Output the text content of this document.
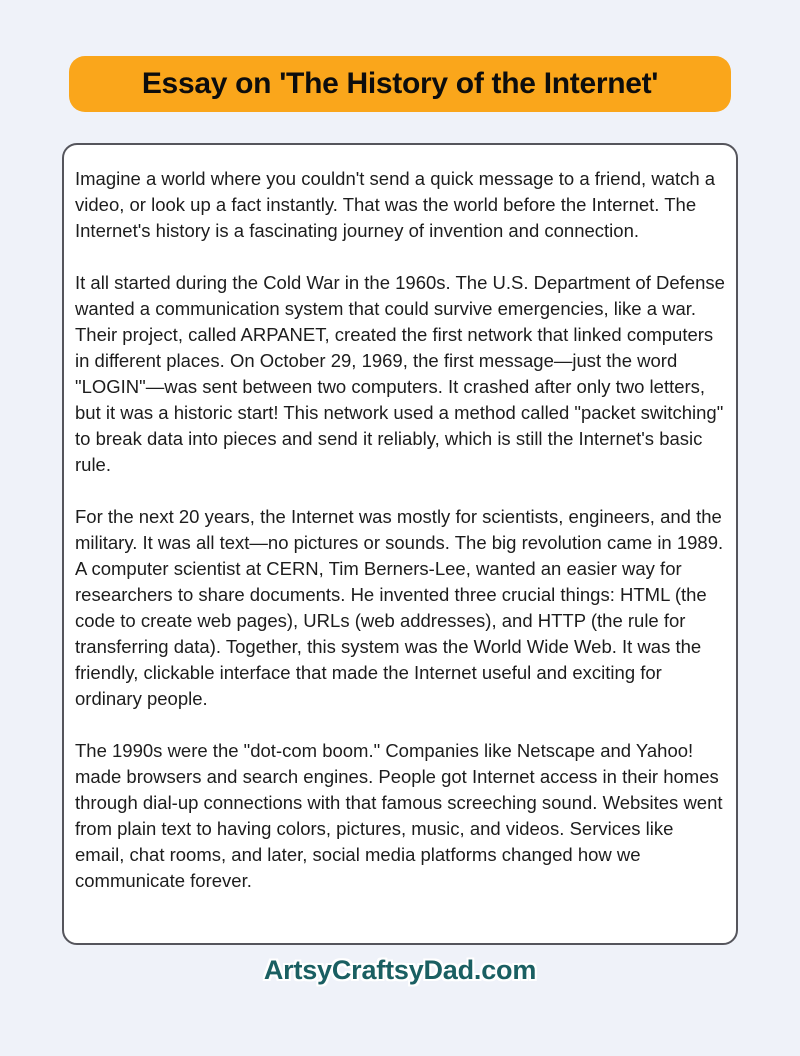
Essay on 'The History of the Internet'

Imagine a world where you couldn't send a quick message to a friend, watch a video, or look up a fact instantly. That was the world before the Internet. The Internet's history is a fascinating journey of invention and connection.

It all started during the Cold War in the 1960s. The U.S. Department of Defense wanted a communication system that could survive emergencies, like a war. Their project, called ARPANET, created the first network that linked computers in different places. On October 29, 1969, the first message—just the word "LOGIN"—was sent between two computers. It crashed after only two letters, but it was a historic start! This network used a method called "packet switching" to break data into pieces and send it reliably, which is still the Internet's basic rule.

For the next 20 years, the Internet was mostly for scientists, engineers, and the military. It was all text—no pictures or sounds. The big revolution came in 1989. A computer scientist at CERN, Tim Berners-Lee, wanted an easier way for researchers to share documents. He invented three crucial things: HTML (the code to create web pages), URLs (web addresses), and HTTP (the rule for transferring data). Together, this system was the World Wide Web. It was the friendly, clickable interface that made the Internet useful and exciting for ordinary people.

The 1990s were the "dot-com boom." Companies like Netscape and Yahoo! made browsers and search engines. People got Internet access in their homes through dial-up connections with that famous screeching sound. Websites went from plain text to having colors, pictures, music, and videos. Services like email, chat rooms, and later, social media platforms changed how we communicate forever.

ArtsyCraftsyDad.com
